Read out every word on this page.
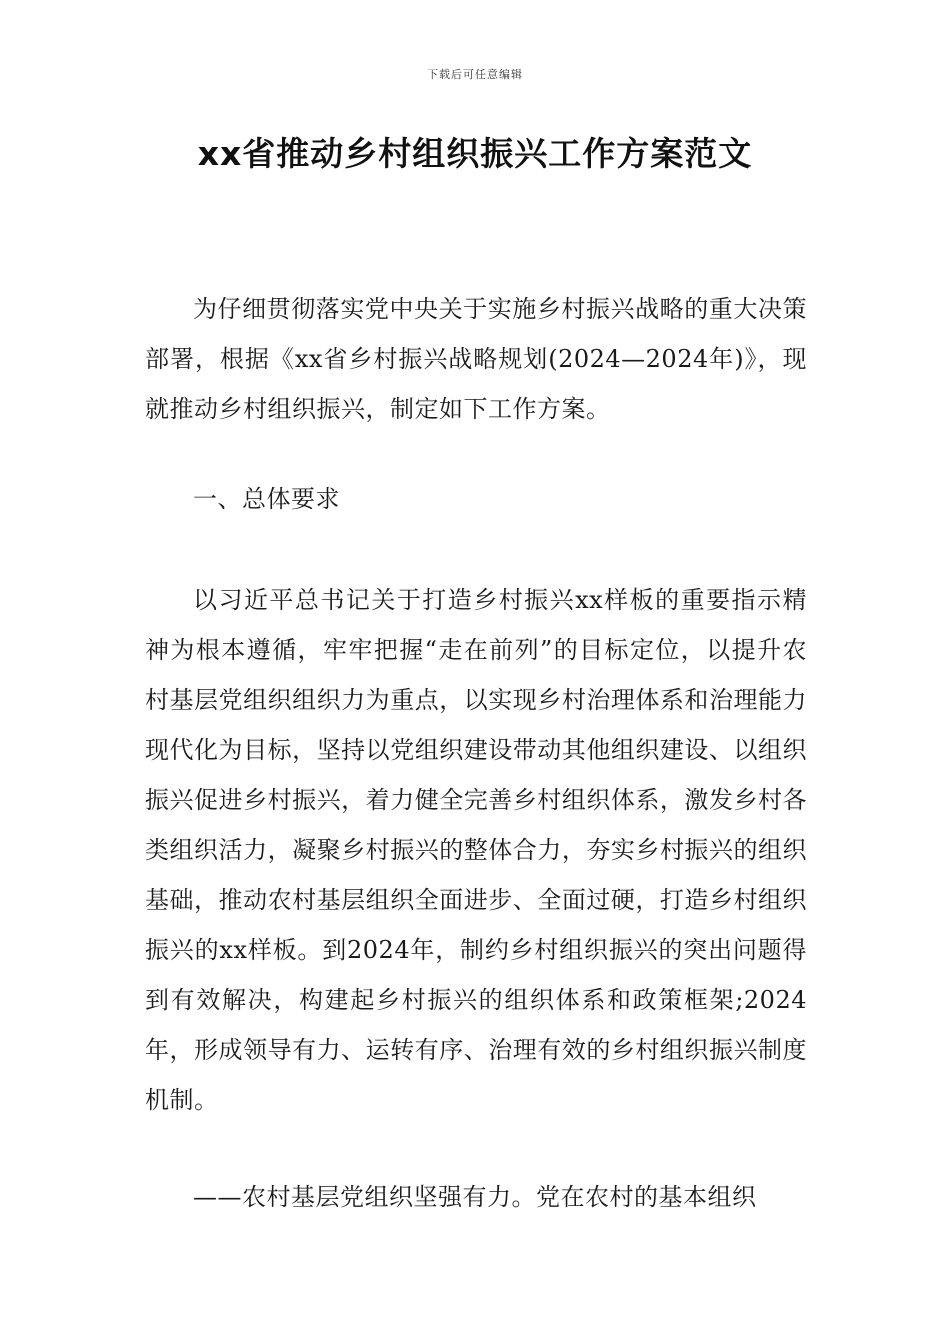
下载后可任意编辑
xx省推动乡村组织振兴工作方案范文

为仔细贯彻落实党中央关于实施乡村振兴战略的重大决策部署，根据《xx省乡村振兴战略规划(2024—2024年)》，现就推动乡村组织振兴，制定如下工作方案。

一、总体要求

以习近平总书记关于打造乡村振兴xx样板的重要指示精神为根本遵循，牢牢把握“走在前列”的目标定位，以提升农村基层党组织组织力为重点，以实现乡村治理体系和治理能力现代化为目标，坚持以党组织建设带动其他组织建设、以组织振兴促进乡村振兴，着力健全完善乡村组织体系，激发乡村各类组织活力，凝聚乡村振兴的整体合力，夯实乡村振兴的组织基础，推动农村基层组织全面进步、全面过硬，打造乡村组织振兴的xx样板。到2024年，制约乡村组织振兴的突出问题得到有效解决，构建起乡村振兴的组织体系和政策框架;2024年，形成领导有力、运转有序、治理有效的乡村组织振兴制度机制。

——农村基层党组织坚强有力。党在农村的基本组织
